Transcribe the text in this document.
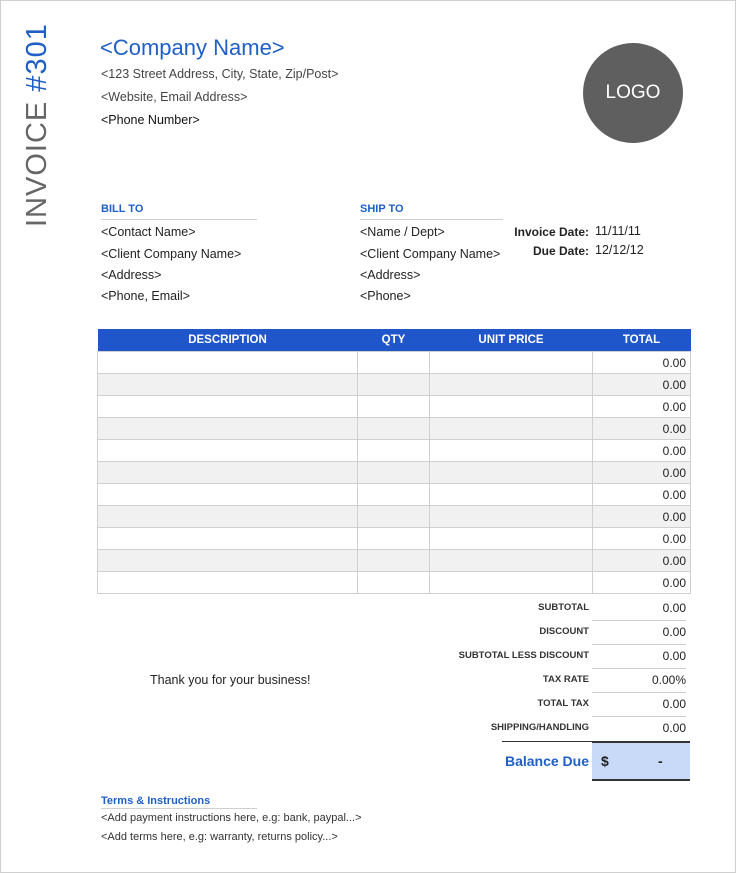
<Company Name>
<123 Street Address, City, State, Zip/Post>
<Website, Email Address>
<Phone Number>
LOGO
INVOICE #301
BILL TO
<Contact Name>
<Client Company Name>
<Address>
<Phone, Email>
SHIP TO
<Name / Dept>
<Client Company Name>
<Address>
<Phone>
Invoice Date: 11/11/11
Due Date: 12/12/12
DESCRIPTION	QTY	UNIT PRICE	TOTAL
			0.00
			0.00
			0.00
			0.00
			0.00
			0.00
			0.00
			0.00
			0.00
			0.00
			0.00
SUBTOTAL	0.00
DISCOUNT	0.00
SUBTOTAL LESS DISCOUNT	0.00
TAX RATE	0.00%
TOTAL TAX	0.00
SHIPPING/HANDLING	0.00
Thank you for your business!
Balance Due $	-
Terms & Instructions
<Add payment instructions here, e.g: bank, paypal...>
<Add terms here, e.g: warranty, returns policy...>
